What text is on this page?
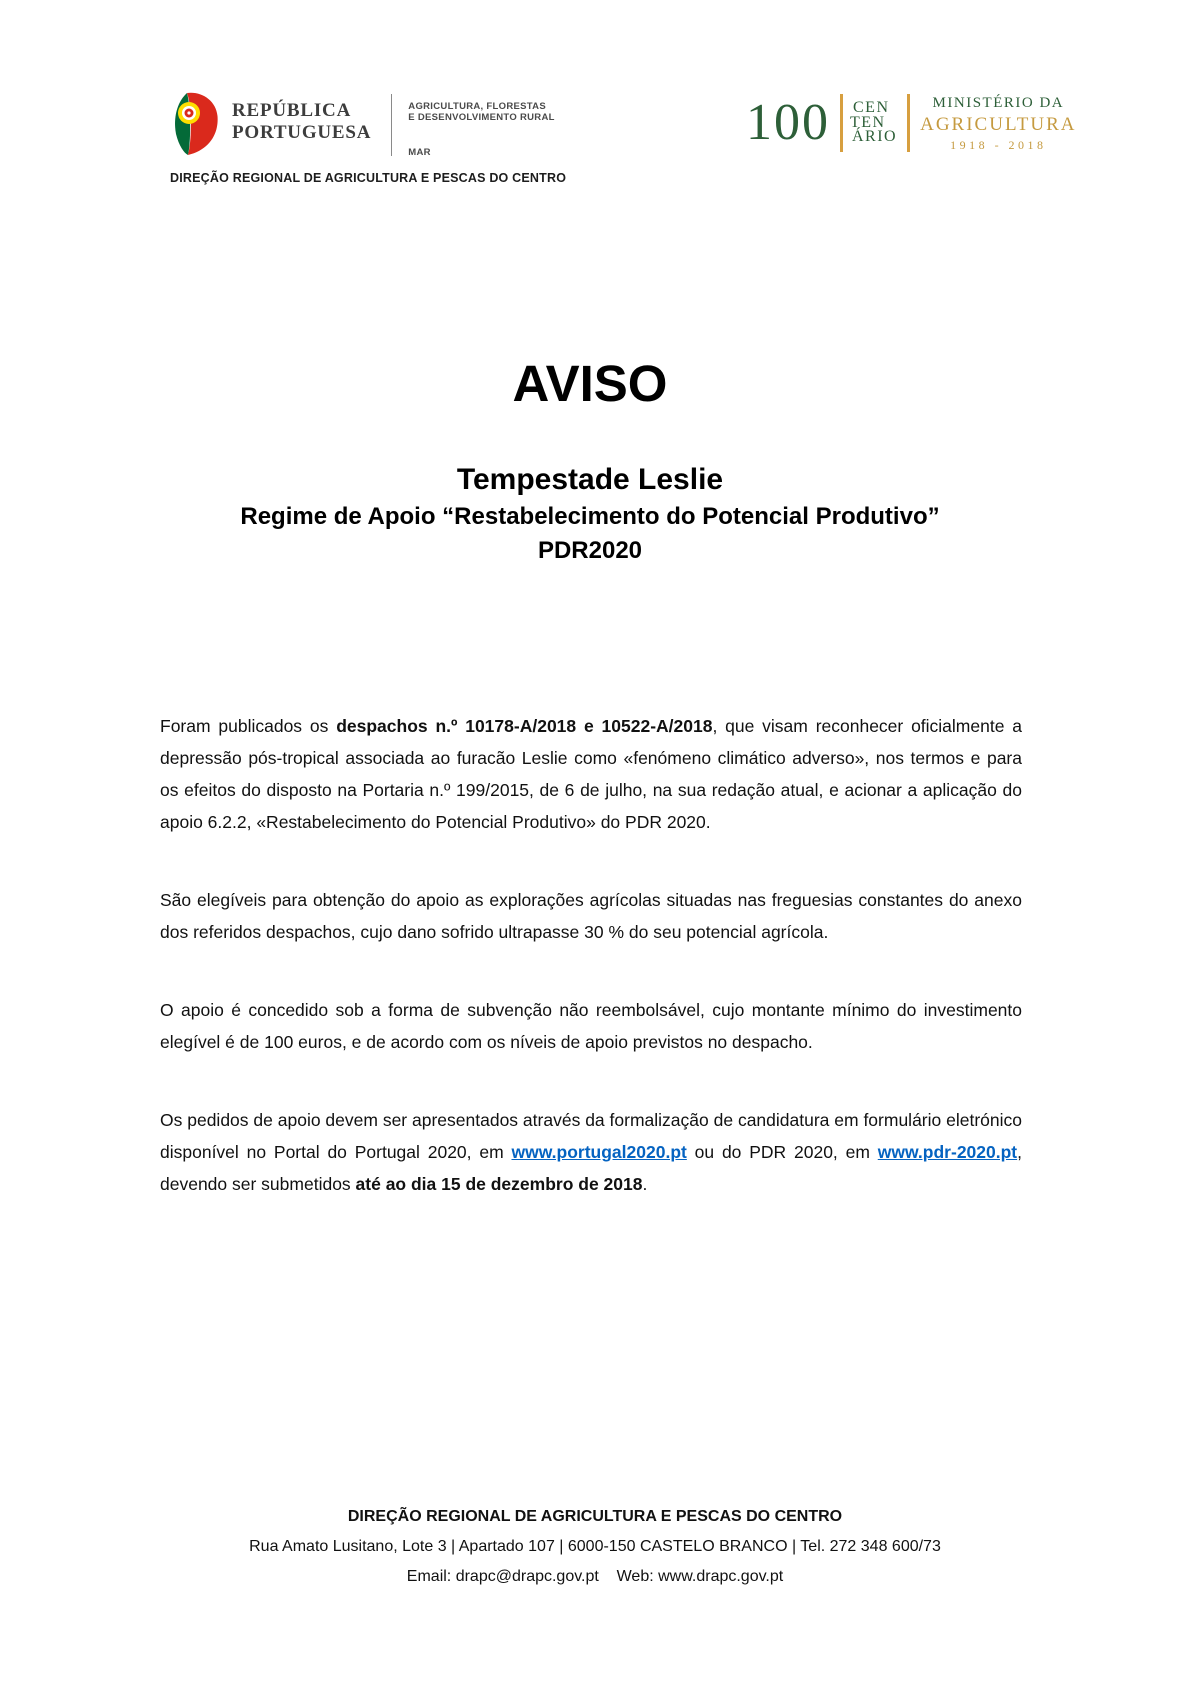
REPÚBLICA
PORTUGUESA
AGRICULTURA, FLORESTAS
E DESENVOLVIMENTO RURAL
MAR
DIREÇÃO REGIONAL DE AGRICULTURA E PESCAS DO CENTRO
100 CEN
TEN
ÁRIO
MINISTÉRIO DA
AGRICULTURA
1918 - 2018
AVISO
Tempestade Leslie
Regime de Apoio “Restabelecimento do Potencial Produtivo”
PDR2020

Foram publicados os despachos n.º 10178-A/2018 e 10522-A/2018, que visam reconhecer oficialmente a depressão pós-tropical associada ao furacão Leslie como «fenómeno climático adverso», nos termos e para os efeitos do disposto na Portaria n.º 199/2015, de 6 de julho, na sua redação atual, e acionar a aplicação do apoio 6.2.2, «Restabelecimento do Potencial Produtivo» do PDR 2020.

São elegíveis para obtenção do apoio as explorações agrícolas situadas nas freguesias constantes do anexo dos referidos despachos, cujo dano sofrido ultrapasse 30 % do seu potencial agrícola.

O apoio é concedido sob a forma de subvenção não reembolsável, cujo montante mínimo do investimento elegível é de 100 euros, e de acordo com os níveis de apoio previstos no despacho.

Os pedidos de apoio devem ser apresentados através da formalização de candidatura em formulário eletrónico disponível no Portal do Portugal 2020, em www.portugal2020.pt ou do PDR 2020, em www.pdr-2020.pt, devendo ser submetidos até ao dia 15 de dezembro de 2018.

DIREÇÃO REGIONAL DE AGRICULTURA E PESCAS DO CENTRO
Rua Amato Lusitano, Lote 3 | Apartado 107 | 6000-150 CASTELO BRANCO | Tel. 272 348 600/73
Email: drapc@drapc.gov.pt    Web: www.drapc.gov.pt
